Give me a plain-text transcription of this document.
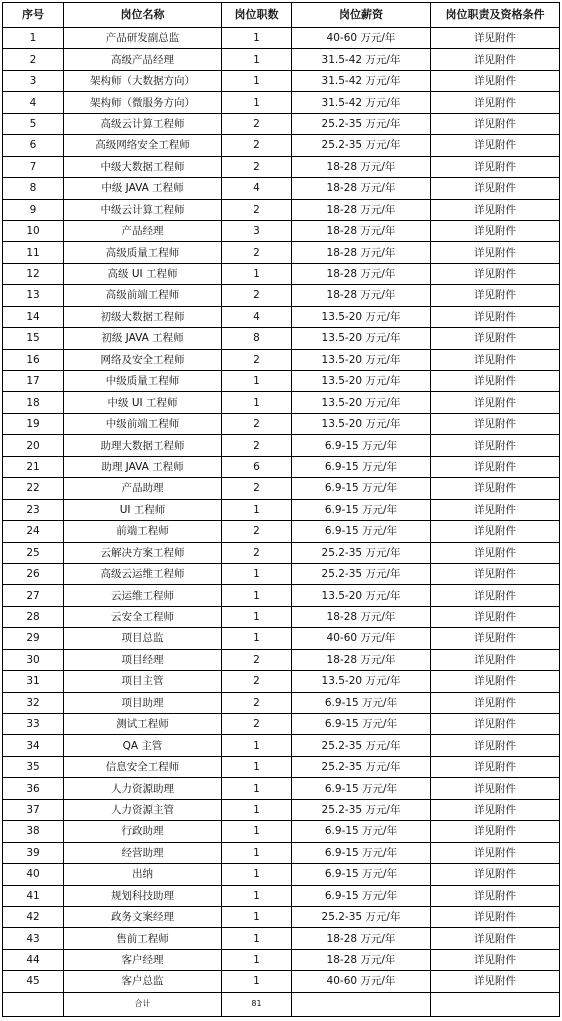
序号	岗位名称	岗位职数	岗位薪资	岗位职责及资格条件
1	产品研发副总监	1	40-60 万元/年	详见附件
2	高级产品经理	1	31.5-42 万元/年	详见附件
3	架构师（大数据方向）	1	31.5-42 万元/年	详见附件
4	架构师（微服务方向）	1	31.5-42 万元/年	详见附件
5	高级云计算工程师	2	25.2-35 万元/年	详见附件
6	高级网络安全工程师	2	25.2-35 万元/年	详见附件
7	中级大数据工程师	2	18-28 万元/年	详见附件
8	中级 JAVA 工程师	4	18-28 万元/年	详见附件
9	中级云计算工程师	2	18-28 万元/年	详见附件
10	产品经理	3	18-28 万元/年	详见附件
11	高级质量工程师	2	18-28 万元/年	详见附件
12	高级 UI 工程师	1	18-28 万元/年	详见附件
13	高级前端工程师	2	18-28 万元/年	详见附件
14	初级大数据工程师	4	13.5-20 万元/年	详见附件
15	初级 JAVA 工程师	8	13.5-20 万元/年	详见附件
16	网络及安全工程师	2	13.5-20 万元/年	详见附件
17	中级质量工程师	1	13.5-20 万元/年	详见附件
18	中级 UI 工程师	1	13.5-20 万元/年	详见附件
19	中级前端工程师	2	13.5-20 万元/年	详见附件
20	助理大数据工程师	2	6.9-15 万元/年	详见附件
21	助理 JAVA 工程师	6	6.9-15 万元/年	详见附件
22	产品助理	2	6.9-15 万元/年	详见附件
23	UI 工程师	1	6.9-15 万元/年	详见附件
24	前端工程师	2	6.9-15 万元/年	详见附件
25	云解决方案工程师	2	25.2-35 万元/年	详见附件
26	高级云运维工程师	1	25.2-35 万元/年	详见附件
27	云运维工程师	1	13.5-20 万元/年	详见附件
28	云安全工程师	1	18-28 万元/年	详见附件
29	项目总监	1	40-60 万元/年	详见附件
30	项目经理	2	18-28 万元/年	详见附件
31	项目主管	2	13.5-20 万元/年	详见附件
32	项目助理	2	6.9-15 万元/年	详见附件
33	测试工程师	2	6.9-15 万元/年	详见附件
34	QA 主管	1	25.2-35 万元/年	详见附件
35	信息安全工程师	1	25.2-35 万元/年	详见附件
36	人力资源助理	1	6.9-15 万元/年	详见附件
37	人力资源主管	1	25.2-35 万元/年	详见附件
38	行政助理	1	6.9-15 万元/年	详见附件
39	经营助理	1	6.9-15 万元/年	详见附件
40	出纳	1	6.9-15 万元/年	详见附件
41	规划科技助理	1	6.9-15 万元/年	详见附件
42	政务文案经理	1	25.2-35 万元/年	详见附件
43	售前工程师	1	18-28 万元/年	详见附件
44	客户经理	1	18-28 万元/年	详见附件
45	客户总监	1	40-60 万元/年	详见附件
	合计	81		
